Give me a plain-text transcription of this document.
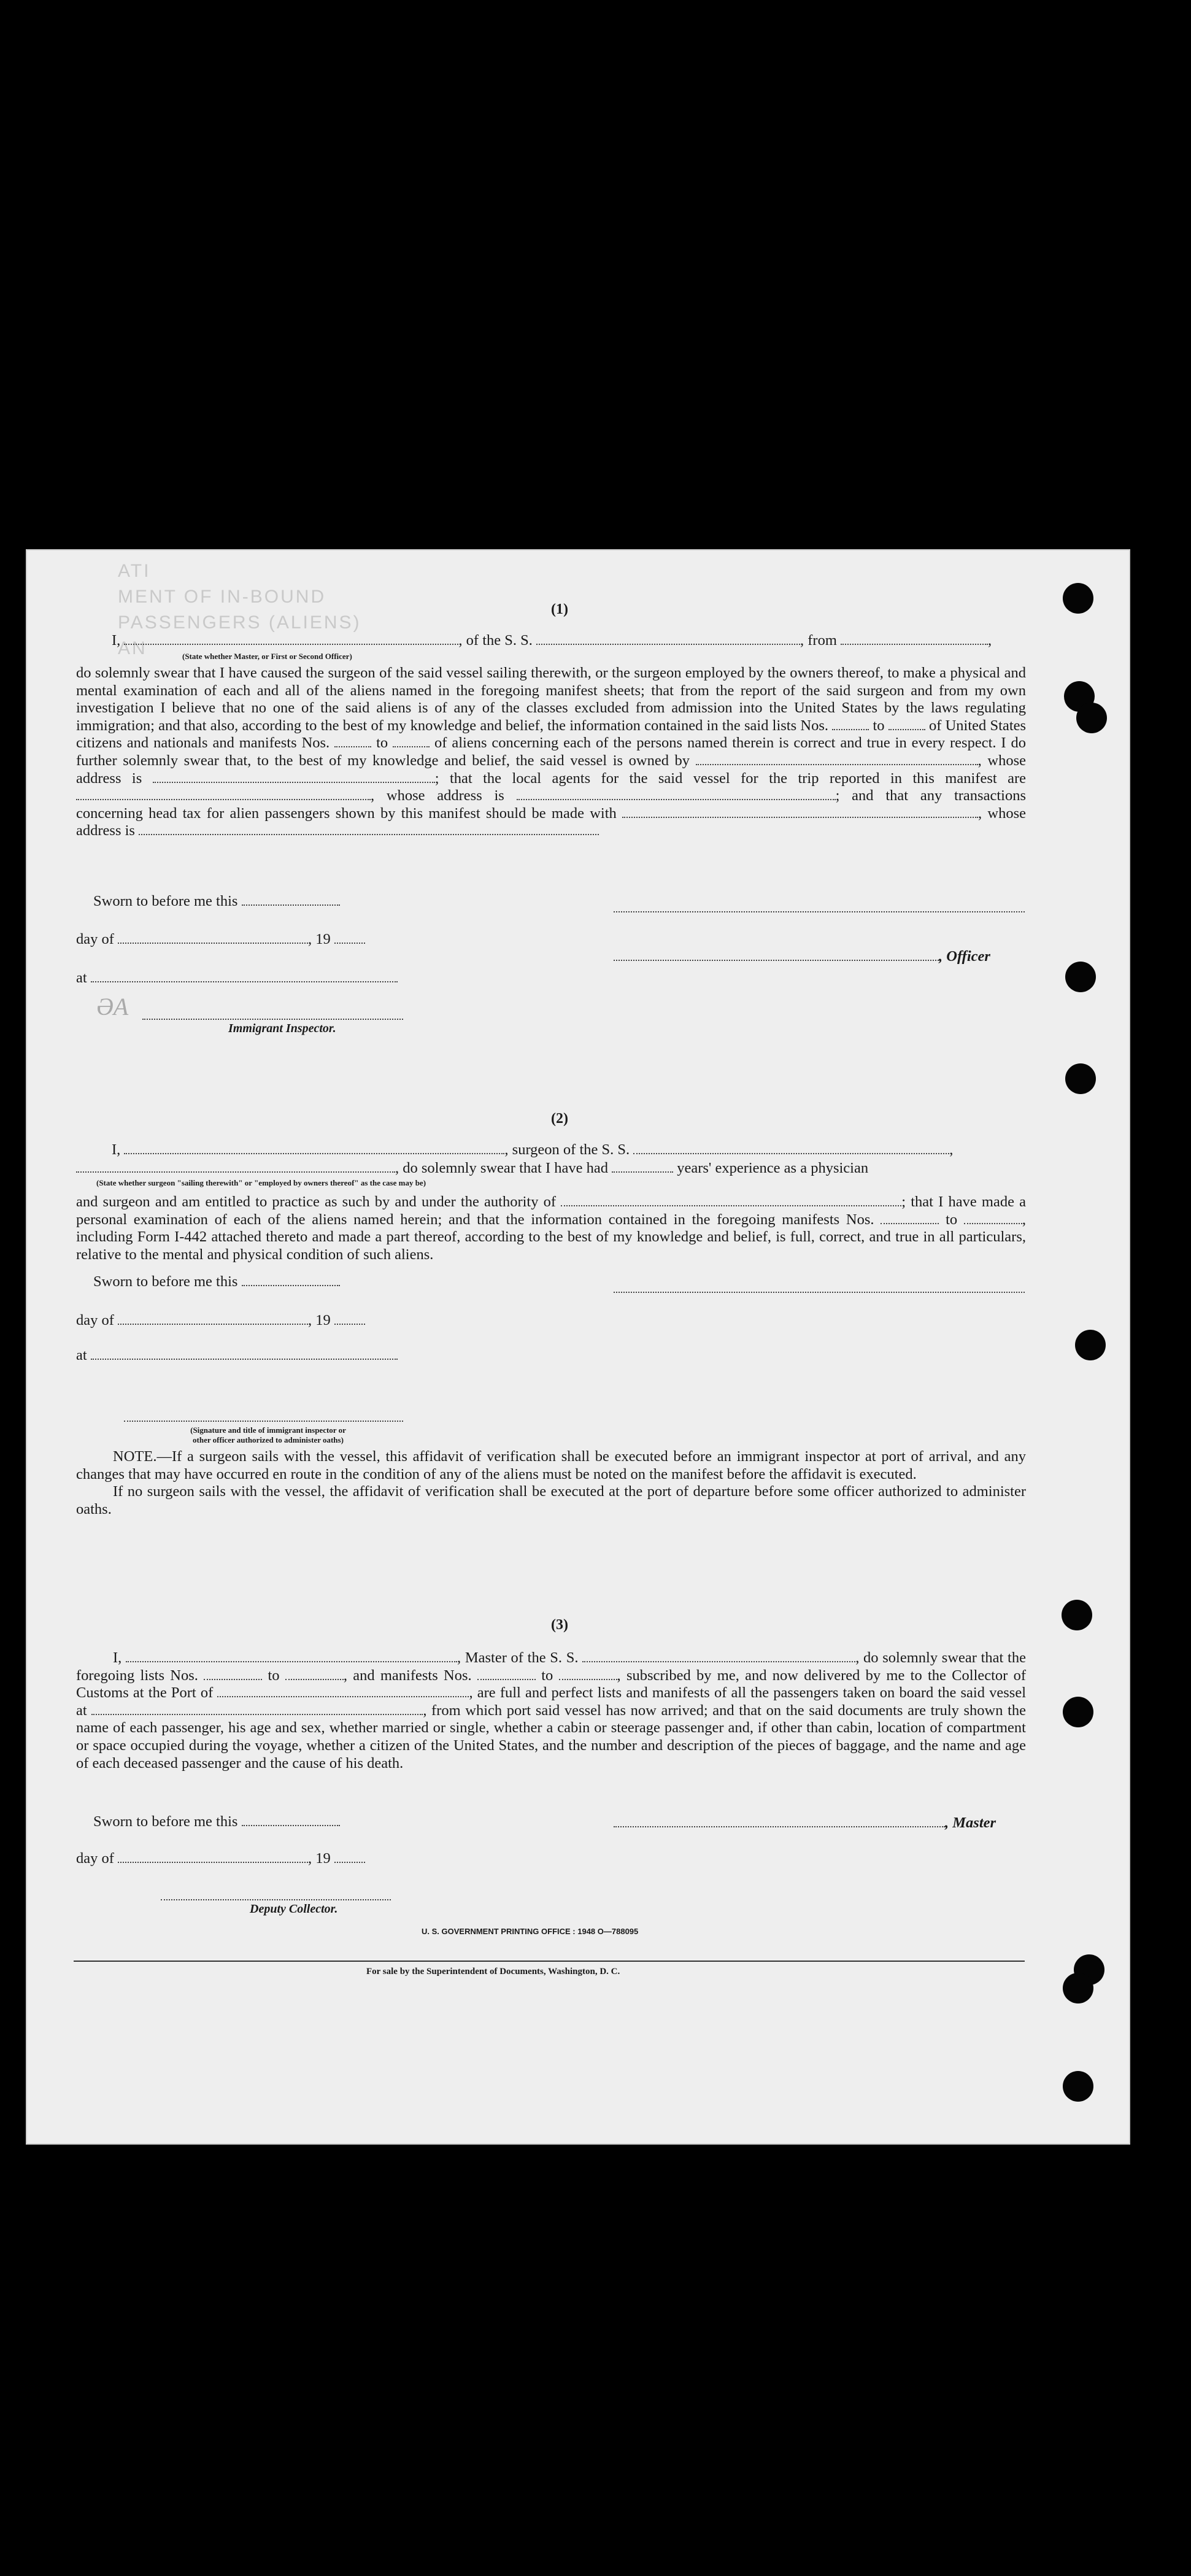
ATI
MENT OF IN-BOUND PASSENGERS (ALIENS)
AN
(1)
I,	, of the S. S.	, from	,
(State whether Master, or First or Second Officer)
do solemnly swear that I have caused the surgeon of the said vessel sailing therewith, or the surgeon employed by the owners thereof, to make a physical and mental examination of each and all of the aliens named in the foregoing manifest sheets; that from the report of the said surgeon and from my own investigation I believe that no one of the said aliens is of any of the classes excluded from admission into the United States by the laws regulating immigration; and that also, according to the best of my knowledge and belief, the information contained in the said lists Nos.	to	of United States citizens and nationals and manifests Nos.	to	of aliens concerning each of the persons named therein is correct and true in every respect. I do further solemnly swear that, to the best of my knowledge and belief, the said vessel is owned by	, whose address is	; that the local agents for the said vessel for the trip reported in this manifest are , whose address is	; and that any transactions concerning head tax for alien passengers shown by this manifest should be made with	, whose address is
Sworn to before me this
day of	, 19
, Officer
at
ƏA
Immigrant Inspector.
(2)
I,	, surgeon of the S. S.	,
, do solemnly swear that I have had	years' experience as a physician
(State whether surgeon "sailing therewith" or "employed by owners thereof" as the case may be)
and surgeon and am entitled to practice as such by and under the authority of	; that I have made a personal examination of each of the aliens named herein; and that the information contained in the foregoing manifests Nos.	to	, including Form I-442 attached thereto and made a part thereof, according to the best of my knowledge and belief, is full, correct, and true in all particulars, relative to the mental and physical condition of such aliens.
Sworn to before me this
day of	, 19
at
(Signature and title of immigrant inspector or
other officer authorized to administer oaths)
NOTE.—If a surgeon sails with the vessel, this affidavit of verification shall be executed before an immigrant inspector at port of arrival, and any changes that may have occurred en route in the condition of any of the aliens must be noted on the manifest before the affidavit is executed.
If no surgeon sails with the vessel, the affidavit of verification shall be executed at the port of departure before some officer authorized to administer oaths.
(3)
I,	, Master of the S. S.	, do solemnly swear that the foregoing lists Nos.	to	, and manifests Nos.	to	, subscribed by me, and now delivered by me to the Collector of Customs at the Port of	, are full and perfect lists and manifests of all the passengers taken on board the said vessel at	, from which port said vessel has now arrived; and that on the said documents are truly shown the name of each passenger, his age and sex, whether married or single, whether a cabin or steerage passenger and, if other than cabin, location of compartment or space occupied during the voyage, whether a citizen of the United States, and the number and description of the pieces of baggage, and the name and age of each deceased passenger and the cause of his death.
Sworn to before me this	, Master
day of	, 19
Deputy Collector.
U. S. GOVERNMENT PRINTING OFFICE : 1948 O—788095
For sale by the Superintendent of Documents, Washington, D. C.
